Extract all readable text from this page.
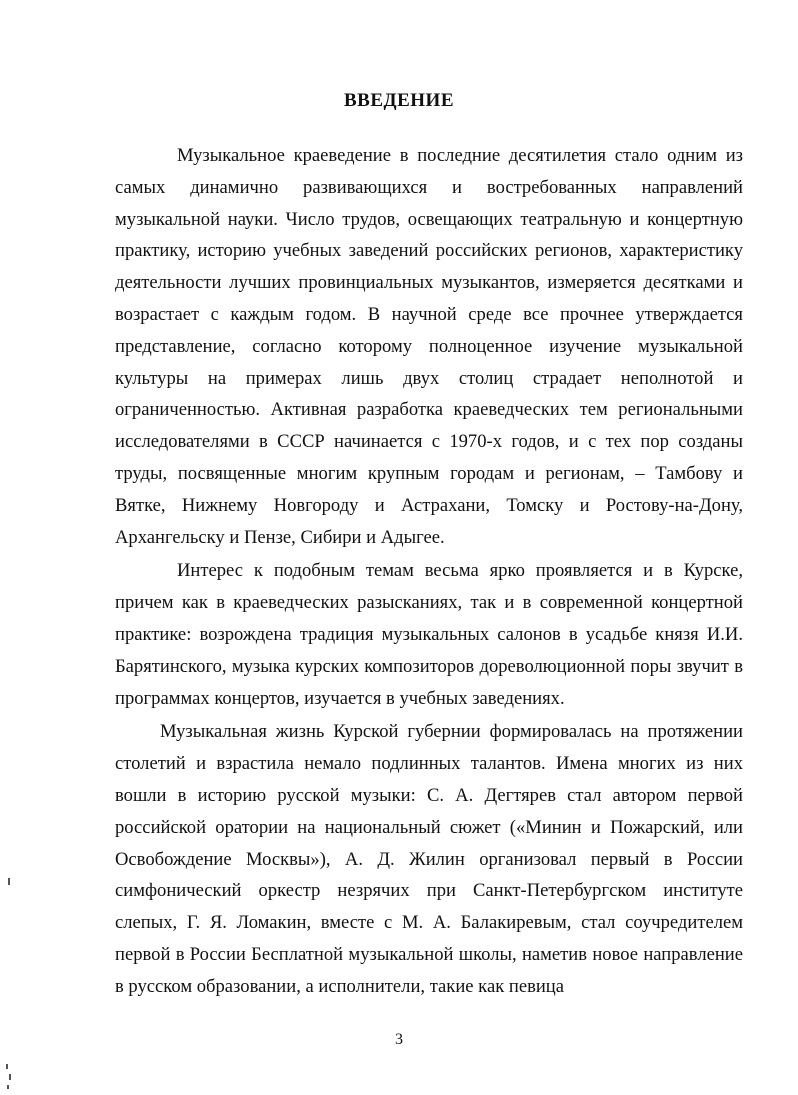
ВВЕДЕНИЕ

Музыкальное краеведение в последние десятилетия стало одним из самых динамично развивающихся и востребованных направлений музыкальной науки. Число трудов, освещающих театральную и концертную практику, историю учебных заведений российских регионов, характеристику деятельности лучших провинциальных музыкантов, измеряется десятками и возрастает с каждым годом. В научной среде все прочнее утверждается представление, согласно которому полноценное изучение музыкальной культуры на примерах лишь двух столиц страдает неполнотой и ограниченностью. Активная разработка краеведческих тем региональными исследователями в СССР начинается с 1970-х годов, и с тех пор созданы труды, посвященные многим крупным городам и регионам, – Тамбову и Вятке, Нижнему Новгороду и Астрахани, Томску и Ростову-на-Дону, Архангельску и Пензе, Сибири и Адыгее.

Интерес к подобным темам весьма ярко проявляется и в Курске, причем как в краеведческих разысканиях, так и в современной концертной практике: возрождена традиция музыкальных салонов в усадьбе князя И.И. Барятинского, музыка курских композиторов дореволюционной поры звучит в программах концертов, изучается в учебных заведениях.

Музыкальная жизнь Курской губернии формировалась на протяжении столетий и взрастила немало подлинных талантов. Имена многих из них вошли в историю русской музыки: С. А. Дегтярев стал автором первой российской оратории на национальный сюжет («Минин и Пожарский, или Освобождение Москвы»), А. Д. Жилин организовал первый в России симфонический оркестр незрячих при Санкт-Петербургском институте слепых, Г. Я. Ломакин, вместе с М. А. Балакиревым, стал соучредителем первой в России Бесплатной музыкальной школы, наметив новое направление в русском образовании, а исполнители, такие как певица

3
